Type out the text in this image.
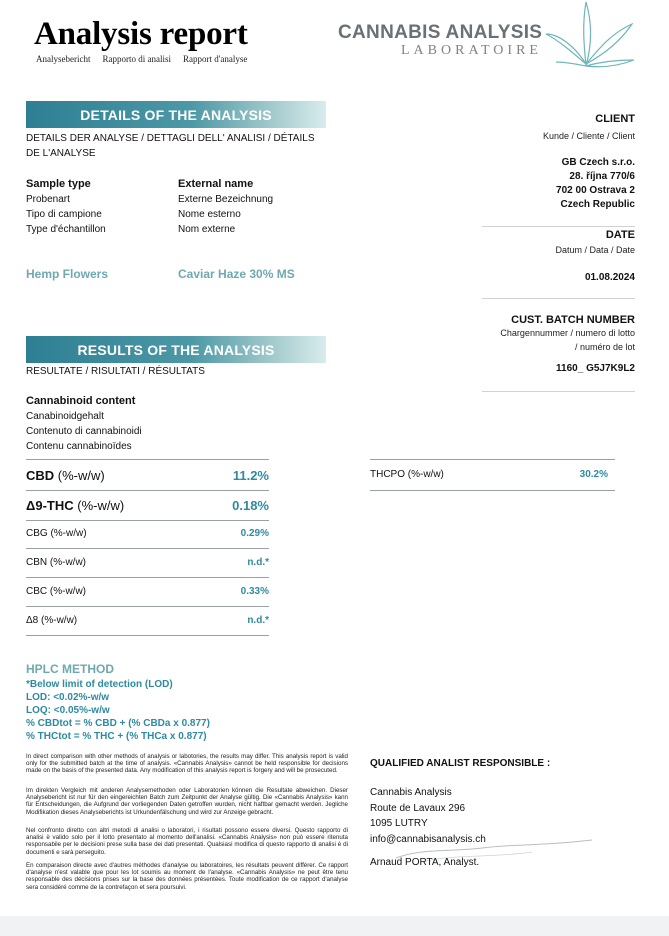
Analysis report
Analysebericht Rapporto di analisi Rapport d'analyse
CANNABIS ANALYSIS
LABORATOIRE
DETAILS OF THE ANALYSIS
DETAILS DER ANALYSE / DETTAGLI DELL' ANALISI / DÉTAILS DE L'ANALYSE
Sample type
Probenart
Tipo di campione
Type d'échantillon
External name
Externe Bezeichnung
Nome esterno
Nom externe
Hemp Flowers	Caviar Haze 30% MS
CLIENT
Kunde / Cliente / Client
GB Czech s.r.o.
28. října 770/6
702 00 Ostrava 2
Czech Republic
DATE
Datum / Data / Date
01.08.2024
CUST. BATCH NUMBER
Chargennummer / numero di lotto
/ numéro de lot
1160_ G5J7K9L2
RESULTS OF THE ANALYSIS
RESULTATE / RISULTATI / RÉSULTATS
Cannabinoid content
Canabinoidgehalt
Contenuto di cannabinoidi
Contenu cannabinoïdes
CBD (%-w/w)	11.2%
Δ9-THC (%-w/w)	0.18%
CBG (%-w/w)	0.29%
CBN (%-w/w)	n.d.*
CBC (%-w/w)	0.33%
Δ8 (%-w/w)	n.d.*
THCPO (%-w/w)	30.2%
HPLC METHOD
*Below limit of detection (LOD)
LOD: <0.02%-w/w
LOQ: <0.05%-w/w
% CBDtot = % CBD + (% CBDa x 0.877)
% THCtot = % THC + (% THCa x 0.877)
In direct comparison with other methods of analysis or labotories, the results may differ. This analysis report is valid only for the submitted batch at the time of analysis. «Cannabis Analysis» cannot be held responsible for decisions made on the basis of the presented data. Any modification of this analysis report is forgery and will be prosecuted.
Im direkten Vergleich mit anderen Analysemethoden oder Laboratorien können die Resultate abweichen. Dieser Analysebericht ist nur für den eingereichten Batch zum Zeitpunkt der Analyse gültig. Die «Cannabis Analysis» kann für Entscheidungen, die Aufgrund der vorliegenden Daten getroffen wurden, nicht haftbar gemacht werden. Jegliche Modifikation dieses Analyseberichts ist Urkundenfälschung und wird zur Anzeige gebracht.
Nel confronto diretto con altri metodi di analisi o laboratori, i risultati possono essere diversi. Questo rapporto di analisi è valido solo per il lotto presentato al momento dell'analisi. «Cannabis Analysis» non può essere ritenuta responsabile per le decisioni prese sulla base dei dati presentati. Qualsiasi modifica di questo rapporto di analisi è di documenti e sarà perseguito.
En comparaison directe avec d'autres méthodes d'analyse ou laboratoires, les résultats peuvent différer. Ce rapport d'analyse n'est valable que pour les lot soumis au moment de l'analyse. «Cannabis Analysis» ne peut être tenu responsable des décisions prises sur la base des données présentées. Toute modification de ce rapport d'analyse sera considéré comme de la contrefaçon et sera poursuivi.
QUALIFIED ANALIST RESPONSIBLE :
Cannabis Analysis
Route de Lavaux 296
1095 LUTRY
info@cannabisanalysis.ch
Arnaud PORTA, Analyst.
